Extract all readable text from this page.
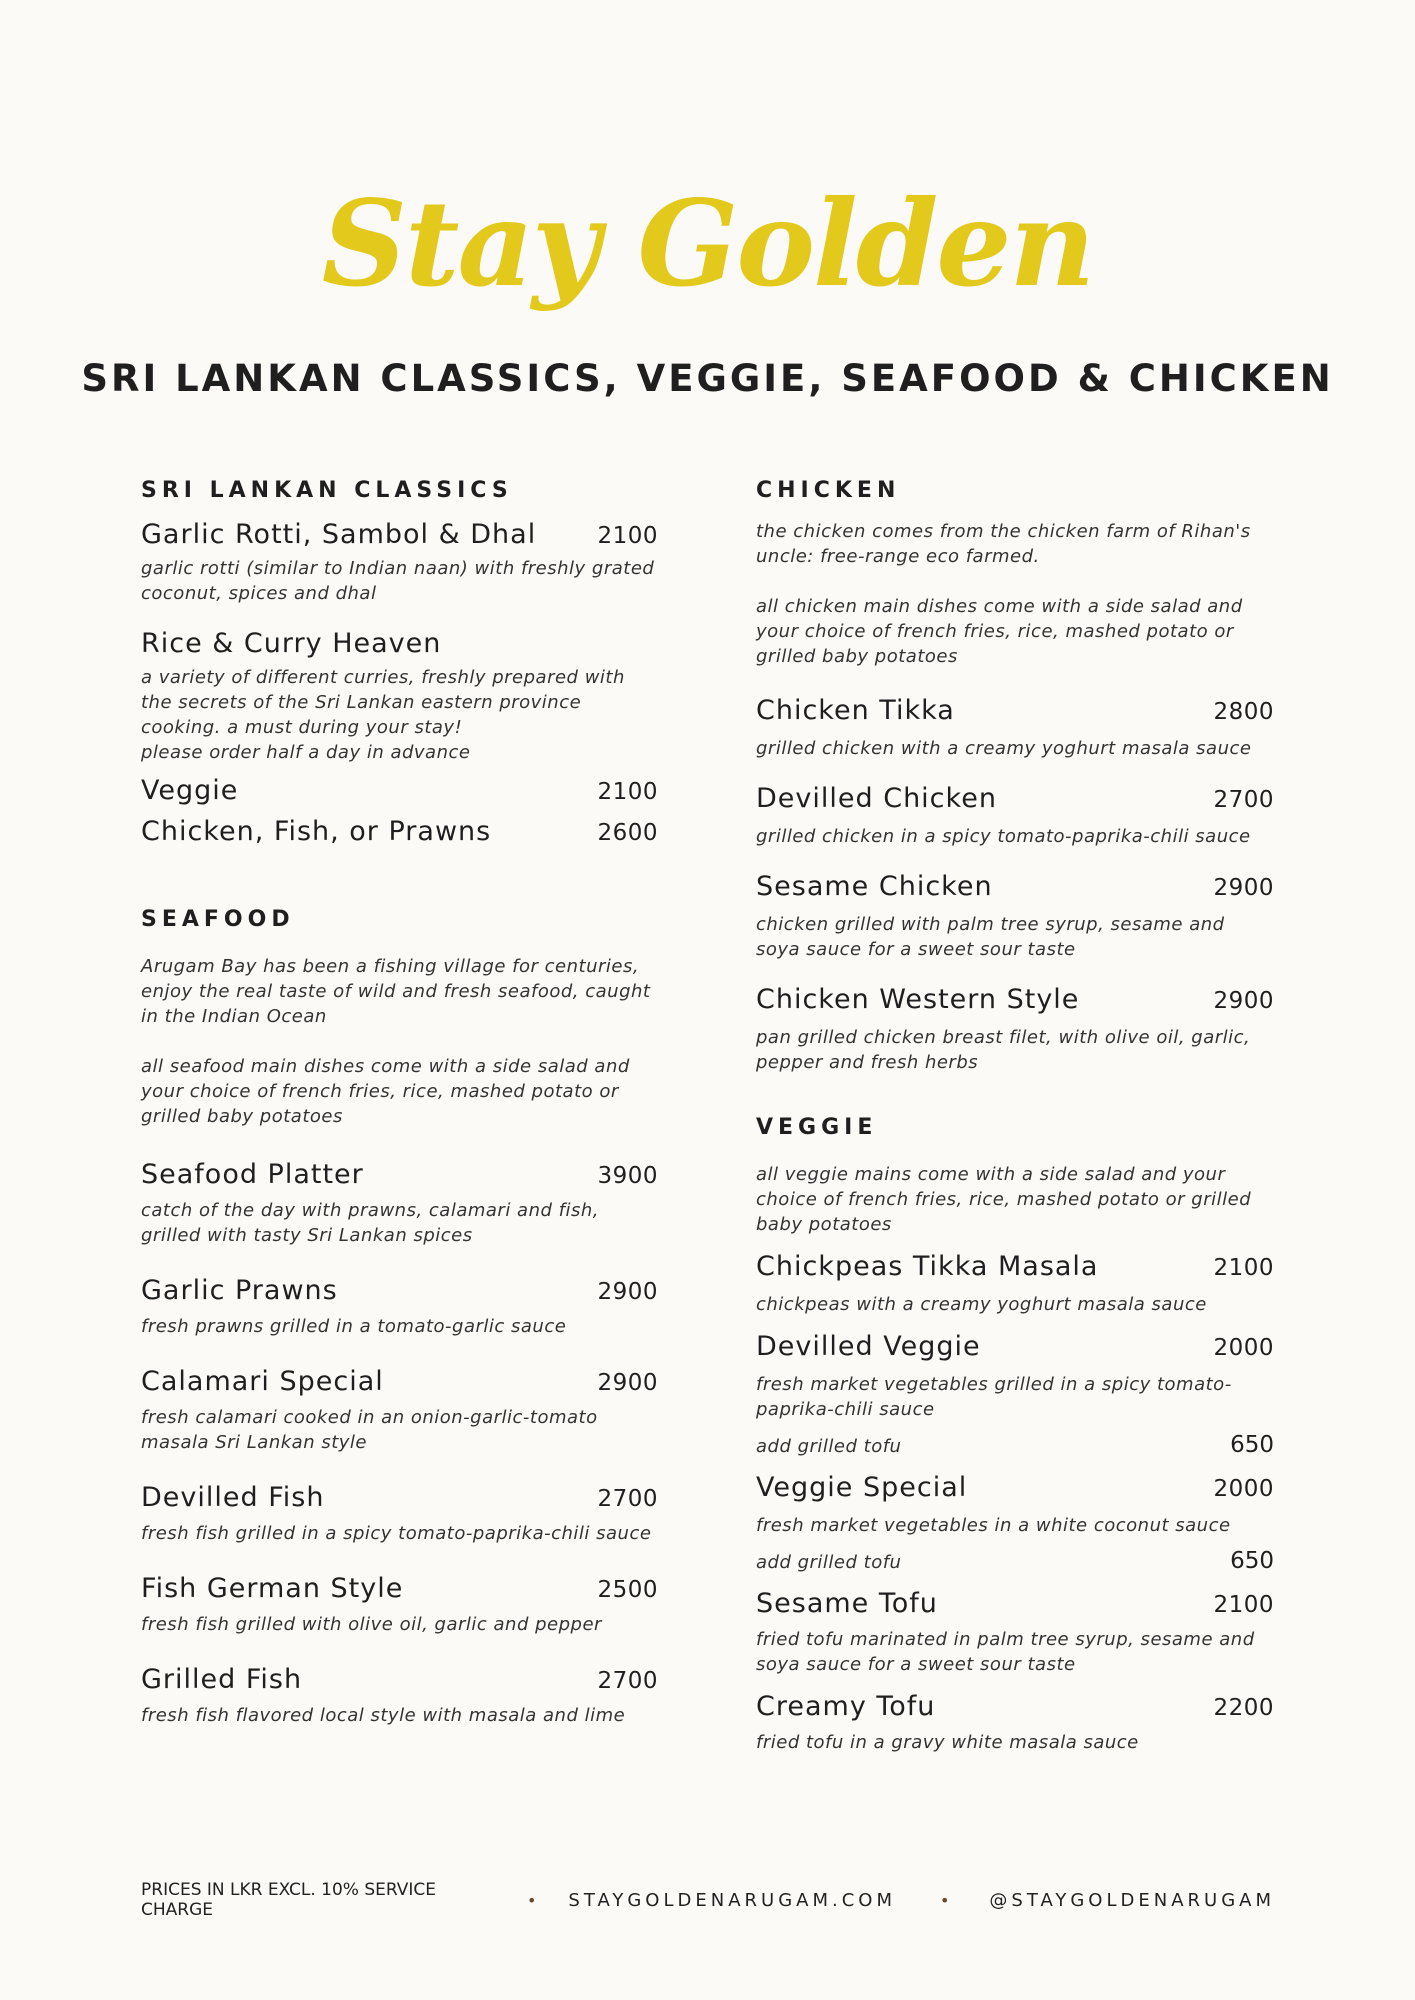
Stay Golden
SRI LANKAN CLASSICS, VEGGIE, SEAFOOD & CHICKEN
SRI LANKAN CLASSICS
Garlic Rotti, Sambol & Dhal	2100
garlic rotti (similar to Indian naan) with freshly grated coconut, spices and dhal
Rice & Curry Heaven
a variety of different curries, freshly prepared with the secrets of the Sri Lankan eastern province cooking. a must during your stay!
please order half a day in advance
Veggie	2100
Chicken, Fish, or Prawns	2600
SEAFOOD
Arugam Bay has been a fishing village for centuries, enjoy the real taste of wild and fresh seafood, caught in the Indian Ocean
all seafood main dishes come with a side salad and your choice of french fries, rice, mashed potato or grilled baby potatoes
Seafood Platter	3900
catch of the day with prawns, calamari and fish, grilled with tasty Sri Lankan spices
Garlic Prawns	2900
fresh prawns grilled in a tomato-garlic sauce
Calamari Special	2900
fresh calamari cooked in an onion-garlic-tomato masala Sri Lankan style
Devilled Fish	2700
fresh fish grilled in a spicy tomato-paprika-chili sauce
Fish German Style	2500
fresh fish grilled with olive oil, garlic and pepper
Grilled Fish	2700
fresh fish flavored local style with masala and lime
CHICKEN
the chicken comes from the chicken farm of Rihan's uncle: free-range eco farmed.
all chicken main dishes come with a side salad and your choice of french fries, rice, mashed potato or grilled baby potatoes
Chicken Tikka	2800
grilled chicken with a creamy yoghurt masala sauce
Devilled Chicken	2700
grilled chicken in a spicy tomato-paprika-chili sauce
Sesame Chicken	2900
chicken grilled with palm tree syrup, sesame and soya sauce for a sweet sour taste
Chicken Western Style	2900
pan grilled chicken breast filet, with olive oil, garlic, pepper and fresh herbs
VEGGIE
all veggie mains come with a side salad and your choice of french fries, rice, mashed potato or grilled baby potatoes
Chickpeas Tikka Masala	2100
chickpeas with a creamy yoghurt masala sauce
Devilled Veggie	2000
fresh market vegetables grilled in a spicy tomato-paprika-chili sauce
add grilled tofu	650
Veggie Special	2000
fresh market vegetables in a white coconut sauce
add grilled tofu	650
Sesame Tofu	2100
fried tofu marinated in palm tree syrup, sesame and soya sauce for a sweet sour taste
Creamy Tofu	2200
fried tofu in a gravy white masala sauce
PRICES IN LKR EXCL. 10% SERVICE CHARGE	• STAYGOLDENARUGAM.COM	• @STAYGOLDENARUGAM
